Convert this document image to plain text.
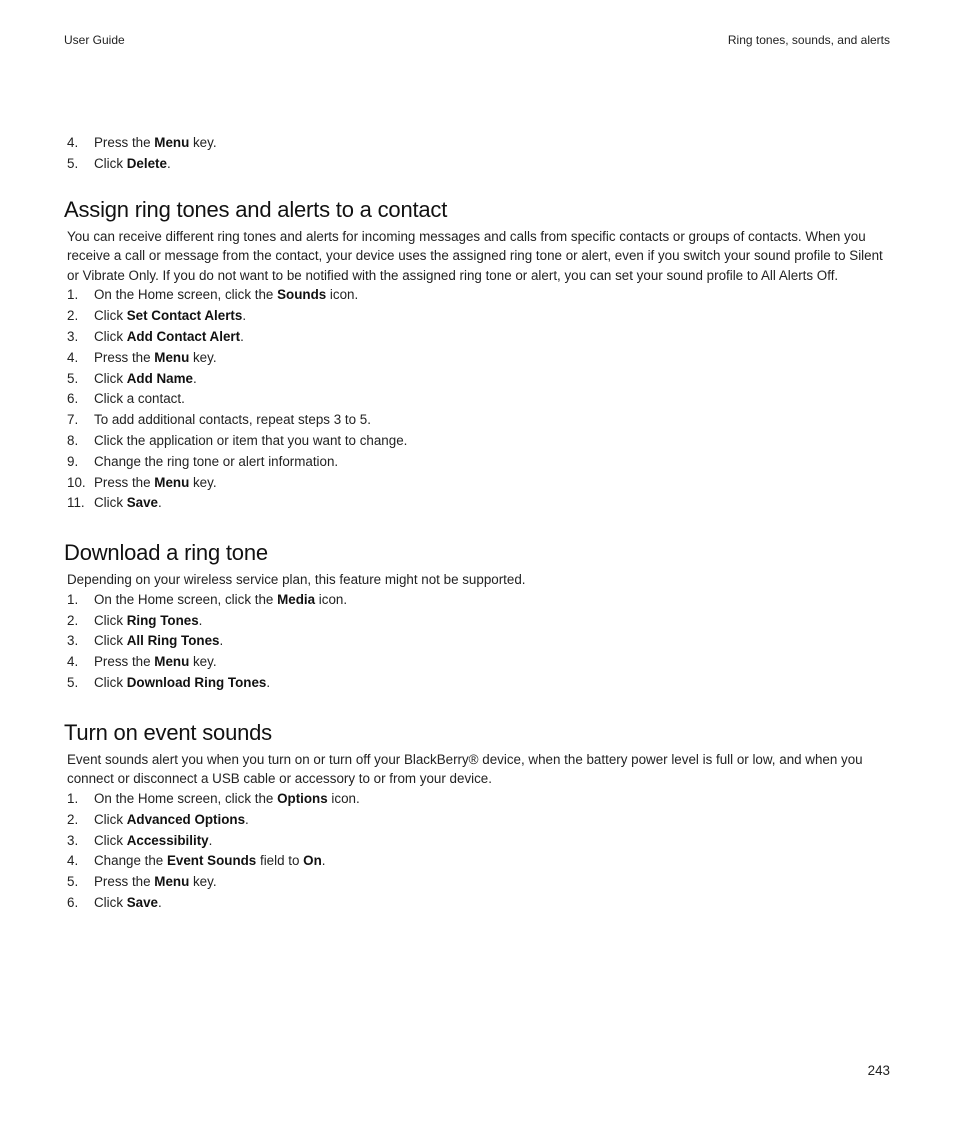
User Guide	Ring tones, sounds, and alerts
4.	Press the Menu key.
5.	Click Delete.
Assign ring tones and alerts to a contact

You can receive different ring tones and alerts for incoming messages and calls from specific contacts or groups of contacts. When you receive a call or message from the contact, your device uses the assigned ring tone or alert, even if you switch your sound profile to Silent or Vibrate Only. If you do not want to be notified with the assigned ring tone or alert, you can set your sound profile to All Alerts Off.

1.	On the Home screen, click the Sounds icon.
2.	Click Set Contact Alerts.
3.	Click Add Contact Alert.
4.	Press the Menu key.
5.	Click Add Name.
6.	Click a contact.
7.	To add additional contacts, repeat steps 3 to 5.
8.	Click the application or item that you want to change.
9.	Change the ring tone or alert information.
10. Press the Menu key.
11. Click Save.
Download a ring tone

Depending on your wireless service plan, this feature might not be supported.

1.	On the Home screen, click the Media icon.
2.	Click Ring Tones.
3.	Click All Ring Tones.
4.	Press the Menu key.
5.	Click Download Ring Tones.
Turn on event sounds

Event sounds alert you when you turn on or turn off your BlackBerry® device, when the battery power level is full or low, and when you connect or disconnect a USB cable or accessory to or from your device.

1.	On the Home screen, click the Options icon.
2.	Click Advanced Options.
3.	Click Accessibility.
4.	Change the Event Sounds field to On.
5.	Press the Menu key.
6.	Click Save.
243
